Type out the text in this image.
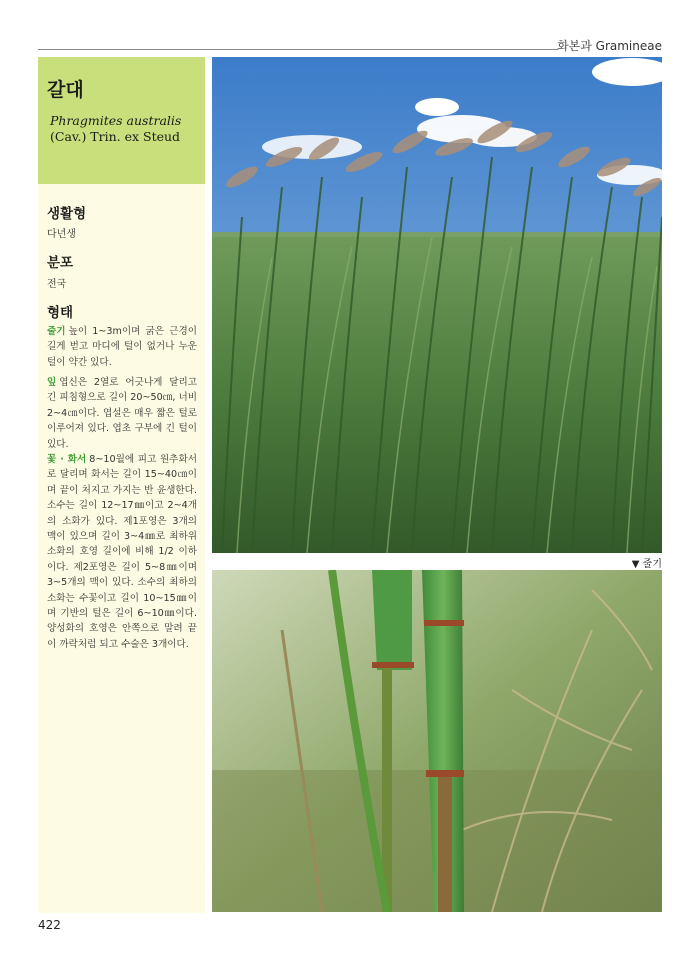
화본과 Gramineae
갈대
Phragmites australis (Cav.) Trin. ex Steud
생활형
다년생
분포
전국
형태
줄기 높이 1~3m이며 굵은 근경이 길게 벋고 마디에 털이 없거나 누운 털이 약간 있다.
잎 엽신은 2열로 어긋나게 달리고 긴 피침형으로 길이 20~50㎝, 너비 2~4㎝이다. 엽설은 매우 짧은 털로 이루어져 있다. 엽초 구부에 긴 털이 있다.
꽃 · 화서 8~10월에 피고 원추화서로 달리며 화서는 길이 15~40㎝이며 끝이 처지고 가지는 반 윤생한다. 소수는 길이 12~17㎜이고 2~4개의 소화가 있다. 제1포영은 3개의 맥이 있으며 길이 3~4㎜로 최하위 소화의 호영 길이에 비해 1/2 이하이다. 제2포영은 길이 5~8㎜이며 3~5개의 맥이 있다. 소수의 최하의 소화는 수꽃이고 길이 10~15㎜이며 기반의 털은 길이 6~10㎜이다. 양성화의 호영은 안쪽으로 말려 끝이 까락처럼 되고 수술은 3개이다.
▼ 줄기
422
